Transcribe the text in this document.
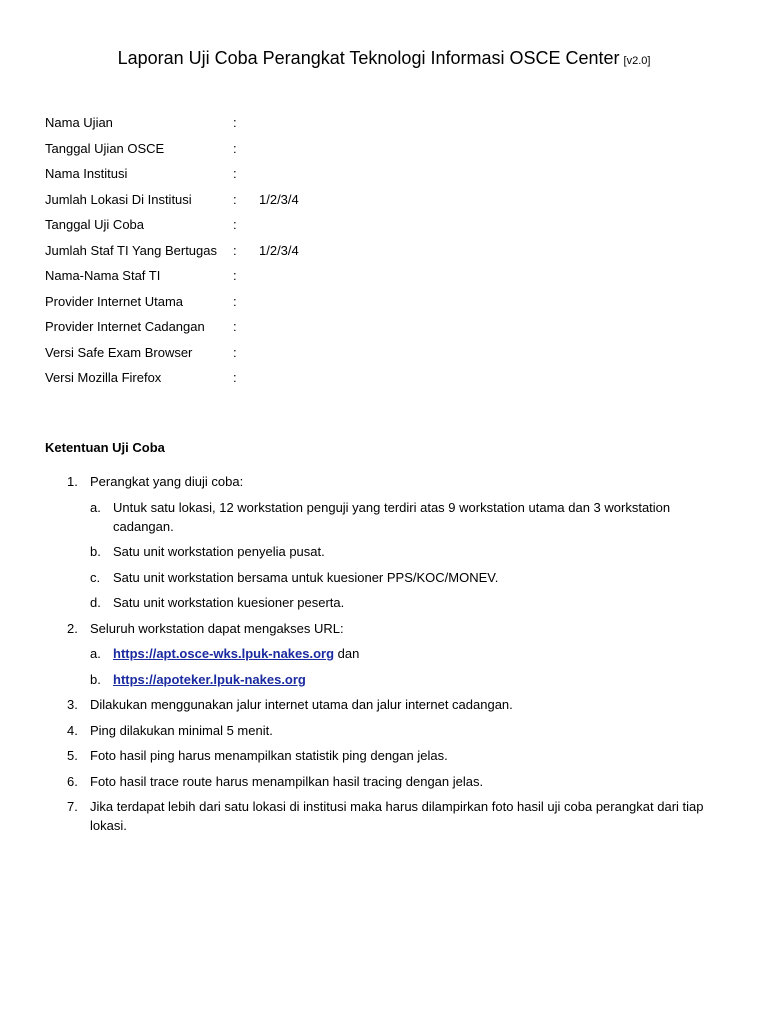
Laporan Uji Coba Perangkat Teknologi Informasi OSCE Center [v2.0]
Nama Ujian	:
Tanggal Ujian OSCE	:
Nama Institusi	:
Jumlah Lokasi Di Institusi	:	1/2/3/4
Tanggal Uji Coba	:
Jumlah Staf TI Yang Bertugas	:	1/2/3/4
Nama-Nama Staf TI	:
Provider Internet Utama	:
Provider Internet Cadangan	:
Versi Safe Exam Browser	:
Versi Mozilla Firefox	:
Ketentuan Uji Coba
1. Perangkat yang diuji coba:
a. Untuk satu lokasi, 12 workstation penguji yang terdiri atas 9 workstation utama dan 3 workstation cadangan.
b. Satu unit workstation penyelia pusat.
c. Satu unit workstation bersama untuk kuesioner PPS/KOC/MONEV.
d. Satu unit workstation kuesioner peserta.
2. Seluruh workstation dapat mengakses URL:
a. https://apt.osce-wks.lpuk-nakes.org dan
b. https://apoteker.lpuk-nakes.org
3. Dilakukan menggunakan jalur internet utama dan jalur internet cadangan.
4. Ping dilakukan minimal 5 menit.
5. Foto hasil ping harus menampilkan statistik ping dengan jelas.
6. Foto hasil trace route harus menampilkan hasil tracing dengan jelas.
7. Jika terdapat lebih dari satu lokasi di institusi maka harus dilampirkan foto hasil uji coba perangkat dari tiap lokasi.
